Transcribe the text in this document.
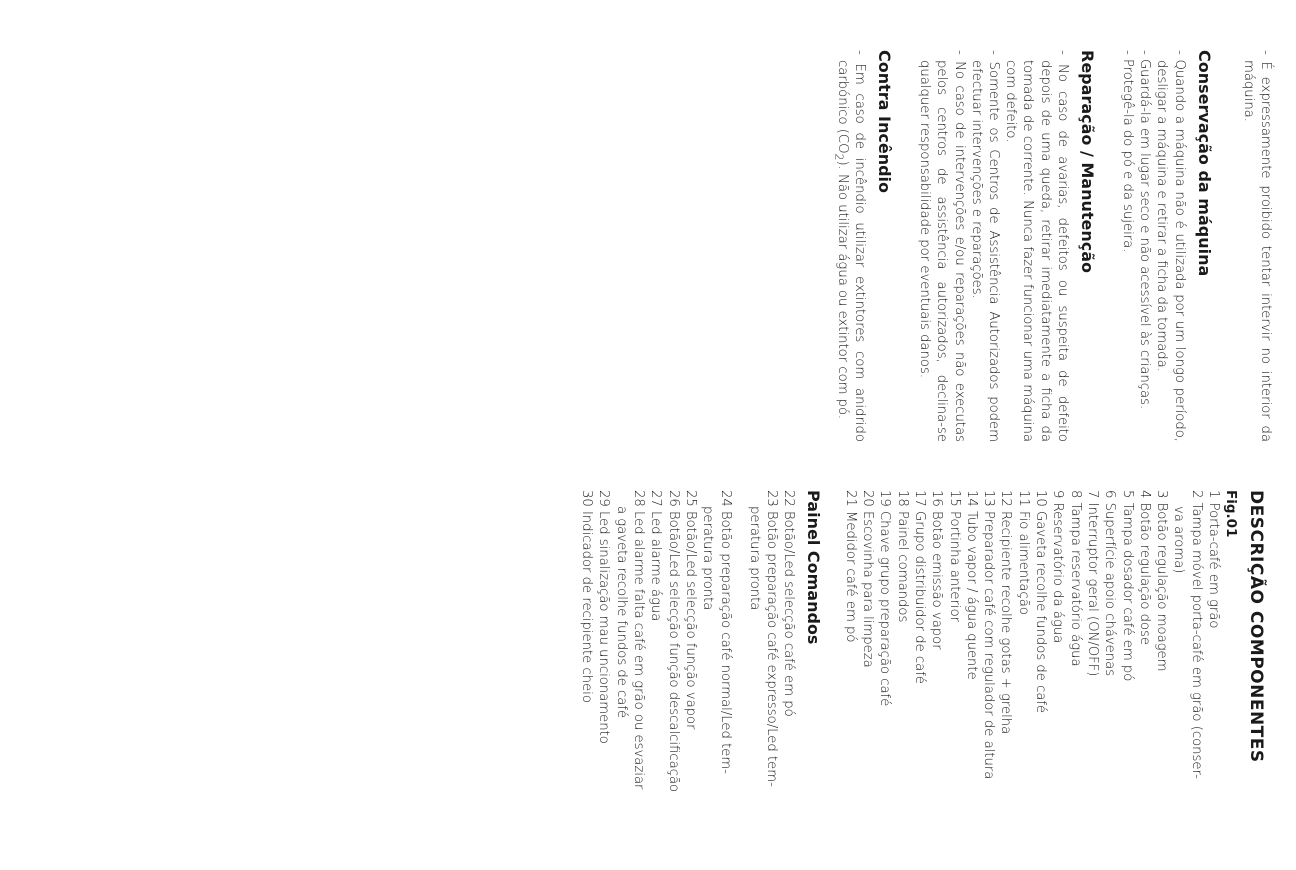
- É expressamente proibido tentar intervir no interior da máquina.

Conservação da máquina

- Quando a máquina não é utilizada por um longo período, desligar a máquina e retirar a ficha da tomada.

- Guardá-la em lugar seco e não acessível às crianças.

- Protegê-la do pó e da sujeira.

Reparação / Manutenção

- No caso de avarias, defeitos ou suspeita de defeito depois de uma queda, retirar imediatamente a ficha da tomada de corrente. Nunca fazer funcionar uma máquina com defeito.

- Somente os Centros de Assistência Autorizados podem efectuar intervenções e reparações.

- No caso de intervenções e/ou reparações não executas pelos centros de assistência autorizados, declina-se qualquer responsabilidade por eventuais danos.

Contra Incêndio

- Em caso de incêndio utilizar extintores com anidrido carbónico $(CO_2)$. Não utilizar água ou extintor com pó.

DESCRIÇÃO COMPONENTES
Fig.01
1 Porta-café em grão
2 Tampa móvel porta-café em grão (conser-
va aroma)
3 Botão regulação moagem
4 Botão regulação dose
5 Tampa dosador café em pó
6 Superfície apoio chávenas
7 Interruptor geral (ON/OFF)
8 Tampa reservatório água
9 Reservatório da água
10 Gaveta recolhe fundos de café
11 Fio alimentação
12 Recipiente recolhe gotas + grelha
13 Preparador café com regulador de altura
14 Tubo vapor / água quente
15 Portinha anterior
16 Botão emissão vapor
17 Grupo distribuidor de café
18 Painel comandos
19 Chave grupo preparação café
20 Escovinha para limpeza
21 Medidor café em pó
Painel Comandos
22 Botão/Led selecção café em pó
23 Botão preparação café expresso/Led tem-
peratura pronta
24 Botão preparação café normal/Led tem-
peratura pronta
25 Botão/Led selecção função vapor
26 Botão/Led selecção função descalcificação
27 Led alarme água
28 Led alarme falta café em grão ou esvaziar
a gaveta recolhe fundos de café
29 Led sinalização mau uncionamento
30 Indicador de recipiente cheio
